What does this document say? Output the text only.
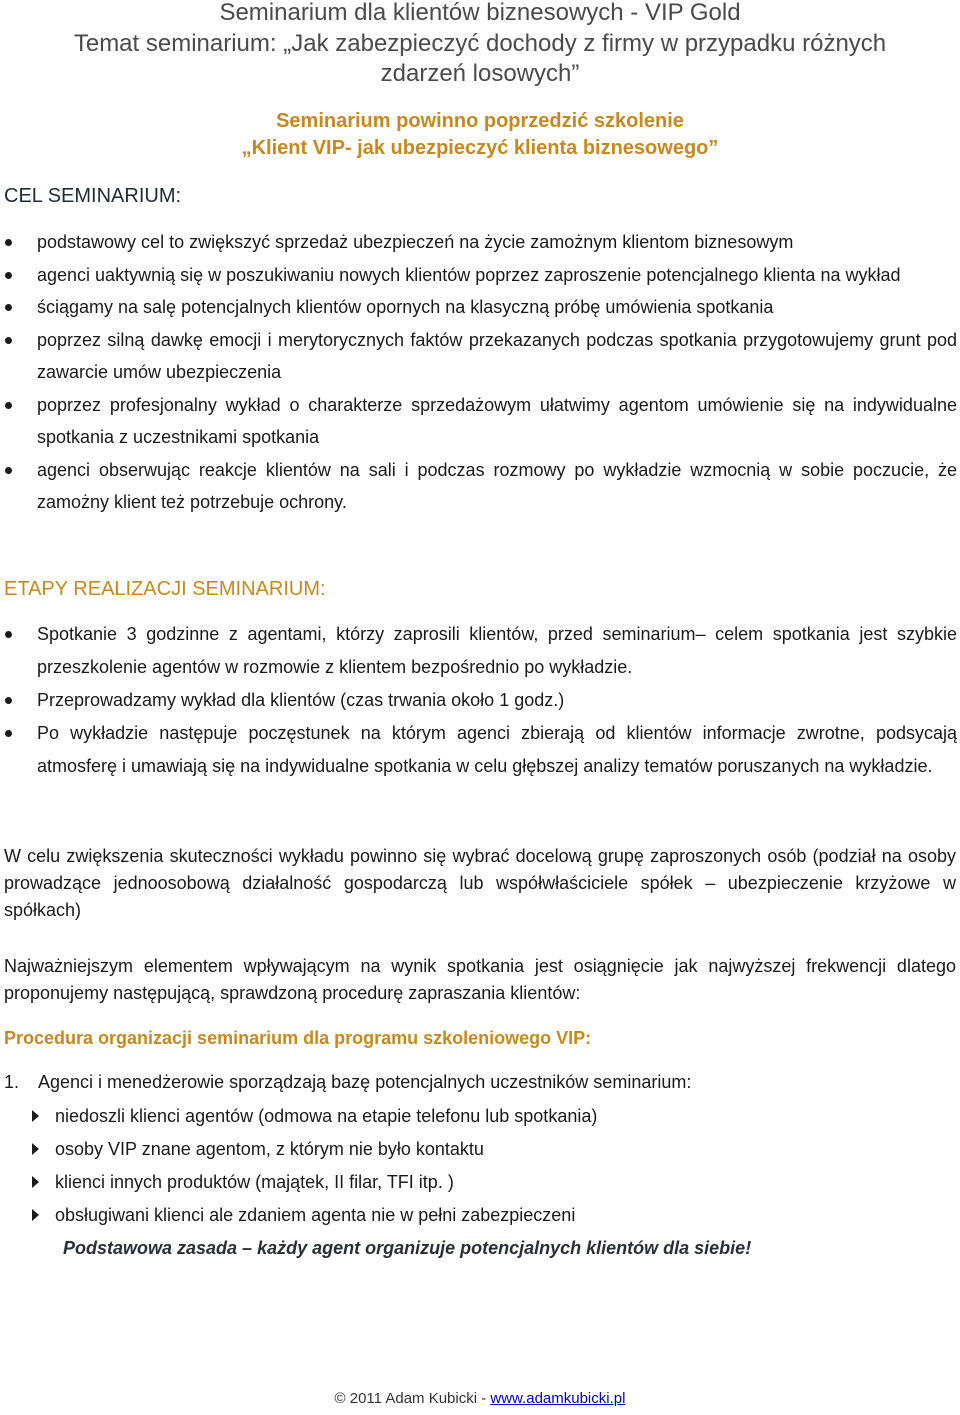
Seminarium dla klientów biznesowych - VIP Gold
Temat seminarium: „Jak zabezpieczyć dochody z firmy w przypadku różnych
zdarzeń losowych”
Seminarium powinno poprzedzić szkolenie
„Klient VIP- jak ubezpieczyć klienta biznesowego”
CEL SEMINARIUM:
podstawowy cel to zwiększyć sprzedaż ubezpieczeń na życie zamożnym klientom biznesowym
agenci uaktywnią się w poszukiwaniu nowych klientów poprzez zaproszenie potencjalnego klienta na wykład
ściągamy na salę potencjalnych klientów opornych na klasyczną próbę umówienia spotkania
poprzez silną dawkę emocji i merytorycznych faktów przekazanych podczas spotkania przygotowujemy grunt pod zawarcie umów ubezpieczenia
poprzez profesjonalny wykład o charakterze sprzedażowym ułatwimy agentom umówienie się na indywidualne spotkania z uczestnikami spotkania
agenci obserwując reakcje klientów na sali i podczas rozmowy po wykładzie wzmocnią w sobie poczucie, że zamożny klient też potrzebuje ochrony.
ETAPY REALIZACJI SEMINARIUM:
Spotkanie 3 godzinne z agentami, którzy zaprosili klientów, przed seminarium– celem spotkania jest szybkie przeszkolenie agentów w rozmowie z klientem bezpośrednio po wykładzie.
Przeprowadzamy wykład dla klientów (czas trwania około 1 godz.)
Po wykładzie następuje poczęstunek na którym agenci zbierają od klientów informacje zwrotne, podsycają atmosferę i umawiają się na indywidualne spotkania w celu głębszej analizy tematów poruszanych na wykładzie.
W celu zwiększenia skuteczności wykładu powinno się wybrać docelową grupę zaproszonych osób (podział na osoby prowadzące jednoosobową działalność gospodarczą lub współwłaściciele spółek – ubezpieczenie krzyżowe w spółkach)
Najważniejszym elementem wpływającym na wynik spotkania jest osiągnięcie jak najwyższej frekwencji dlatego proponujemy następującą, sprawdzoną procedurę zapraszania klientów:
Procedura organizacji seminarium dla programu szkoleniowego VIP:
1. Agenci i menedżerowie sporządzają bazę potencjalnych uczestników seminarium:
niedoszli klienci agentów (odmowa na etapie telefonu lub spotkania)
osoby VIP znane agentom, z którym nie było kontaktu
klienci innych produktów (majątek, II filar, TFI itp. )
obsługiwani klienci ale zdaniem agenta nie w pełni zabezpieczeni
Podstawowa zasada – każdy agent organizuje potencjalnych klientów dla siebie!
© 2011 Adam Kubicki - www.adamkubicki.pl
